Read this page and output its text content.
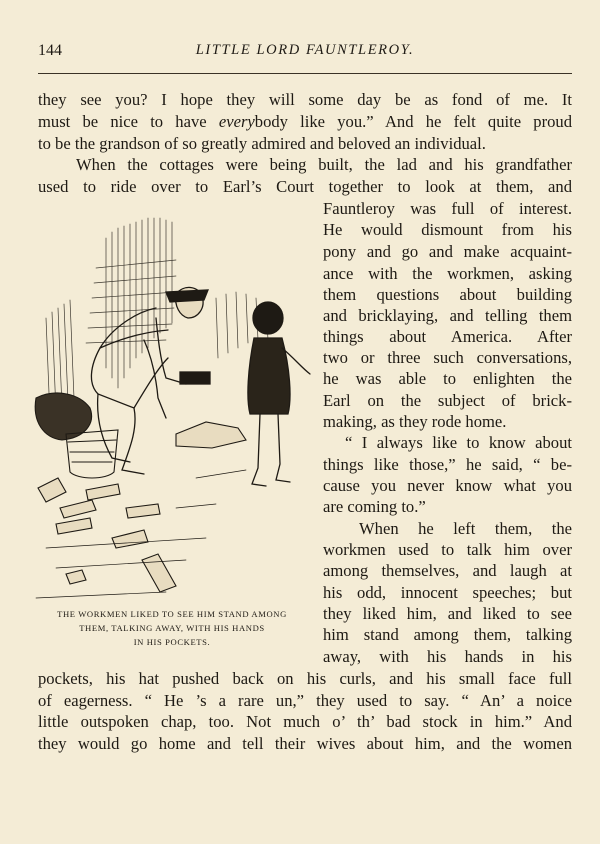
144	LITTLE LORD FAUNTLEROY.

they see you? I hope they will some day be as fond of me. It

must be nice to have everybody like you.” And he felt quite proud

to be the grandson of so greatly admired and beloved an individual.

When the cottages were being built, the lad and his grandfather

used to ride over to Earl’s Court together to look at them, and

Fauntleroy was full of interest.

He would dismount from his

pony and go and make acquaint-

ance with the workmen, asking

them questions about building

and bricklaying, and telling them

things about America. After

two or three such conversations,

he was able to enlighten the

Earl on the subject of brick-

making, as they rode home.

“ I always like to know about

things like those,” he said, “ be-

cause you never know what you

are coming to.”

When he left them, the

workmen used to talk him over

among themselves, and laugh at

his odd, innocent speeches; but

they liked him, and liked to see

him stand among them, talking

away, with his hands in his

THE WORKMEN LIKED TO SEE HIM STAND AMONG

THEM, TALKING AWAY, WITH HIS HANDS

IN HIS POCKETS.

pockets, his hat pushed back on his curls, and his small face full

of eagerness. “ He ’s a rare un,” they used to say. “ An’ a noice

little outspoken chap, too. Not much o’ th’ bad stock in him.” And

they would go home and tell their wives about him, and the women
